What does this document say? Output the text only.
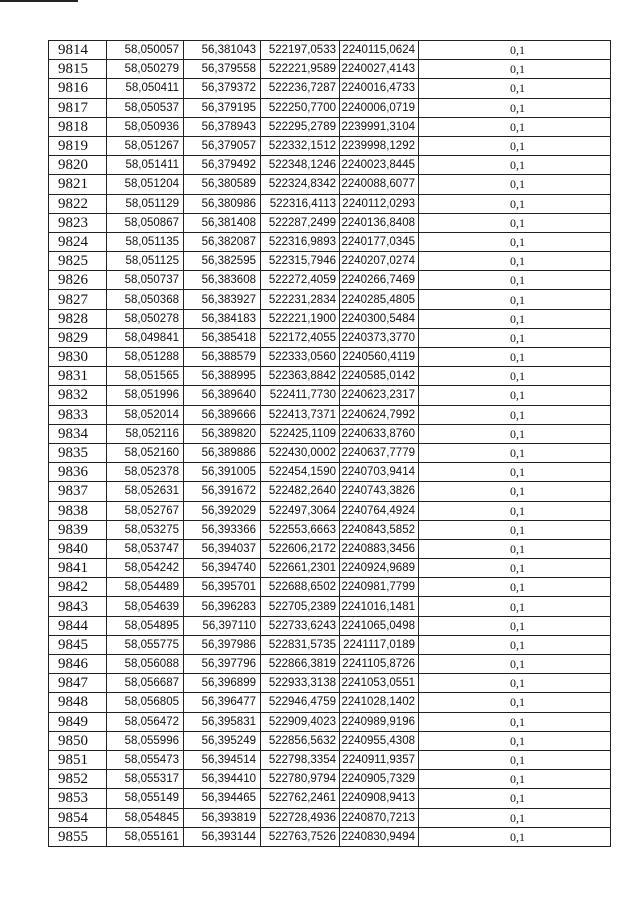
9814	58,050057	56,381043	522197,0533	2240115,0624	0,1
9815	58,050279	56,379558	522221,9589	2240027,4143	0,1
9816	58,050411	56,379372	522236,7287	2240016,4733	0,1
9817	58,050537	56,379195	522250,7700	2240006,0719	0,1
9818	58,050936	56,378943	522295,2789	2239991,3104	0,1
9819	58,051267	56,379057	522332,1512	2239998,1292	0,1
9820	58,051411	56,379492	522348,1246	2240023,8445	0,1
9821	58,051204	56,380589	522324,8342	2240088,6077	0,1
9822	58,051129	56,380986	522316,4113	2240112,0293	0,1
9823	58,050867	56,381408	522287,2499	2240136,8408	0,1
9824	58,051135	56,382087	522316,9893	2240177,0345	0,1
9825	58,051125	56,382595	522315,7946	2240207,0274	0,1
9826	58,050737	56,383608	522272,4059	2240266,7469	0,1
9827	58,050368	56,383927	522231,2834	2240285,4805	0,1
9828	58,050278	56,384183	522221,1900	2240300,5484	0,1
9829	58,049841	56,385418	522172,4055	2240373,3770	0,1
9830	58,051288	56,388579	522333,0560	2240560,4119	0,1
9831	58,051565	56,388995	522363,8842	2240585,0142	0,1
9832	58,051996	56,389640	522411,7730	2240623,2317	0,1
9833	58,052014	56,389666	522413,7371	2240624,7992	0,1
9834	58,052116	56,389820	522425,1109	2240633,8760	0,1
9835	58,052160	56,389886	522430,0002	2240637,7779	0,1
9836	58,052378	56,391005	522454,1590	2240703,9414	0,1
9837	58,052631	56,391672	522482,2640	2240743,3826	0,1
9838	58,052767	56,392029	522497,3064	2240764,4924	0,1
9839	58,053275	56,393366	522553,6663	2240843,5852	0,1
9840	58,053747	56,394037	522606,2172	2240883,3456	0,1
9841	58,054242	56,394740	522661,2301	2240924,9689	0,1
9842	58,054489	56,395701	522688,6502	2240981,7799	0,1
9843	58,054639	56,396283	522705,2389	2241016,1481	0,1
9844	58,054895	56,397110	522733,6243	2241065,0498	0,1
9845	58,055775	56,397986	522831,5735	2241117,0189	0,1
9846	58,056088	56,397796	522866,3819	2241105,8726	0,1
9847	58,056687	56,396899	522933,3138	2241053,0551	0,1
9848	58,056805	56,396477	522946,4759	2241028,1402	0,1
9849	58,056472	56,395831	522909,4023	2240989,9196	0,1
9850	58,055996	56,395249	522856,5632	2240955,4308	0,1
9851	58,055473	56,394514	522798,3354	2240911,9357	0,1
9852	58,055317	56,394410	522780,9794	2240905,7329	0,1
9853	58,055149	56,394465	522762,2461	2240908,9413	0,1
9854	58,054845	56,393819	522728,4936	2240870,7213	0,1
9855	58,055161	56,393144	522763,7526	2240830,9494	0,1
